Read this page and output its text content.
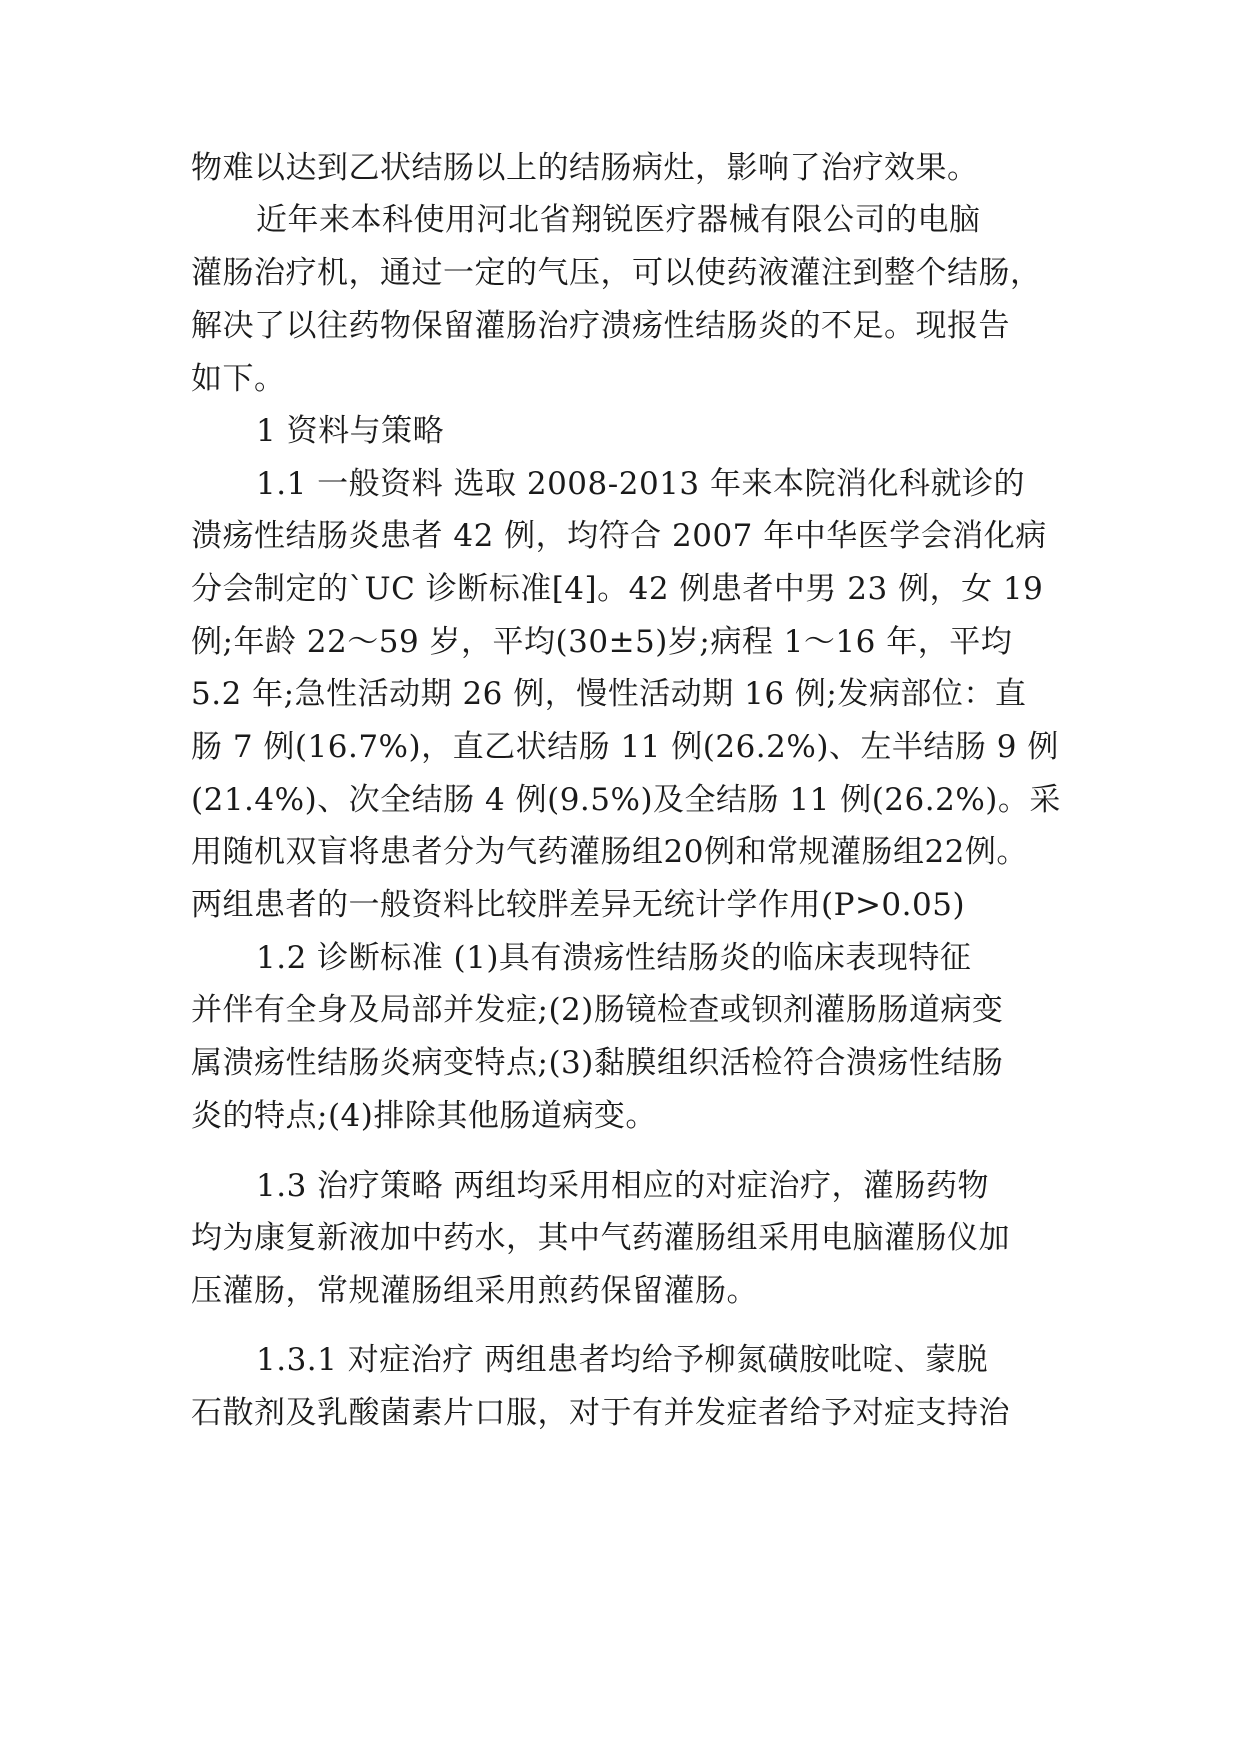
物难以达到乙状结肠以上的结肠病灶，影响了治疗效果。
近年来本科使用河北省翔锐医疗器械有限公司的电脑
灌肠治疗机，通过一定的气压，可以使药液灌注到整个结肠，
解决了以往药物保留灌肠治疗溃疡性结肠炎的不足。现报告
如下。
1 资料与策略
1.1 一般资料 选取 2008-2013 年来本院消化科就诊的
溃疡性结肠炎患者 42 例，均符合 2007 年中华医学会消化病
分会制定的`UC 诊断标准[4]。42 例患者中男 23 例，女 19
例;年龄 22～59 岁，平均(30±5)岁;病程 1～16 年，平均
5.2 年;急性活动期 26 例，慢性活动期 16 例;发病部位：直
肠 7 例(16.7%)，直乙状结肠 11 例(26.2%)、左半结肠 9 例
(21.4%)、次全结肠 4 例(9.5%)及全结肠 11 例(26.2%)。采
用随机双盲将患者分为气药灌肠组20例和常规灌肠组22例。
两组患者的一般资料比较胖差异无统计学作用(P>0.05)
1.2 诊断标准 (1)具有溃疡性结肠炎的临床表现特征
并伴有全身及局部并发症;(2)肠镜检查或钡剂灌肠肠道病变
属溃疡性结肠炎病变特点;(3)黏膜组织活检符合溃疡性结肠
炎的特点;(4)排除其他肠道病变。
1.3 治疗策略 两组均采用相应的对症治疗，灌肠药物
均为康复新液加中药水，其中气药灌肠组采用电脑灌肠仪加
压灌肠，常规灌肠组采用煎药保留灌肠。
1.3.1 对症治疗 两组患者均给予柳氮磺胺吡啶、蒙脱
石散剂及乳酸菌素片口服，对于有并发症者给予对症支持治
